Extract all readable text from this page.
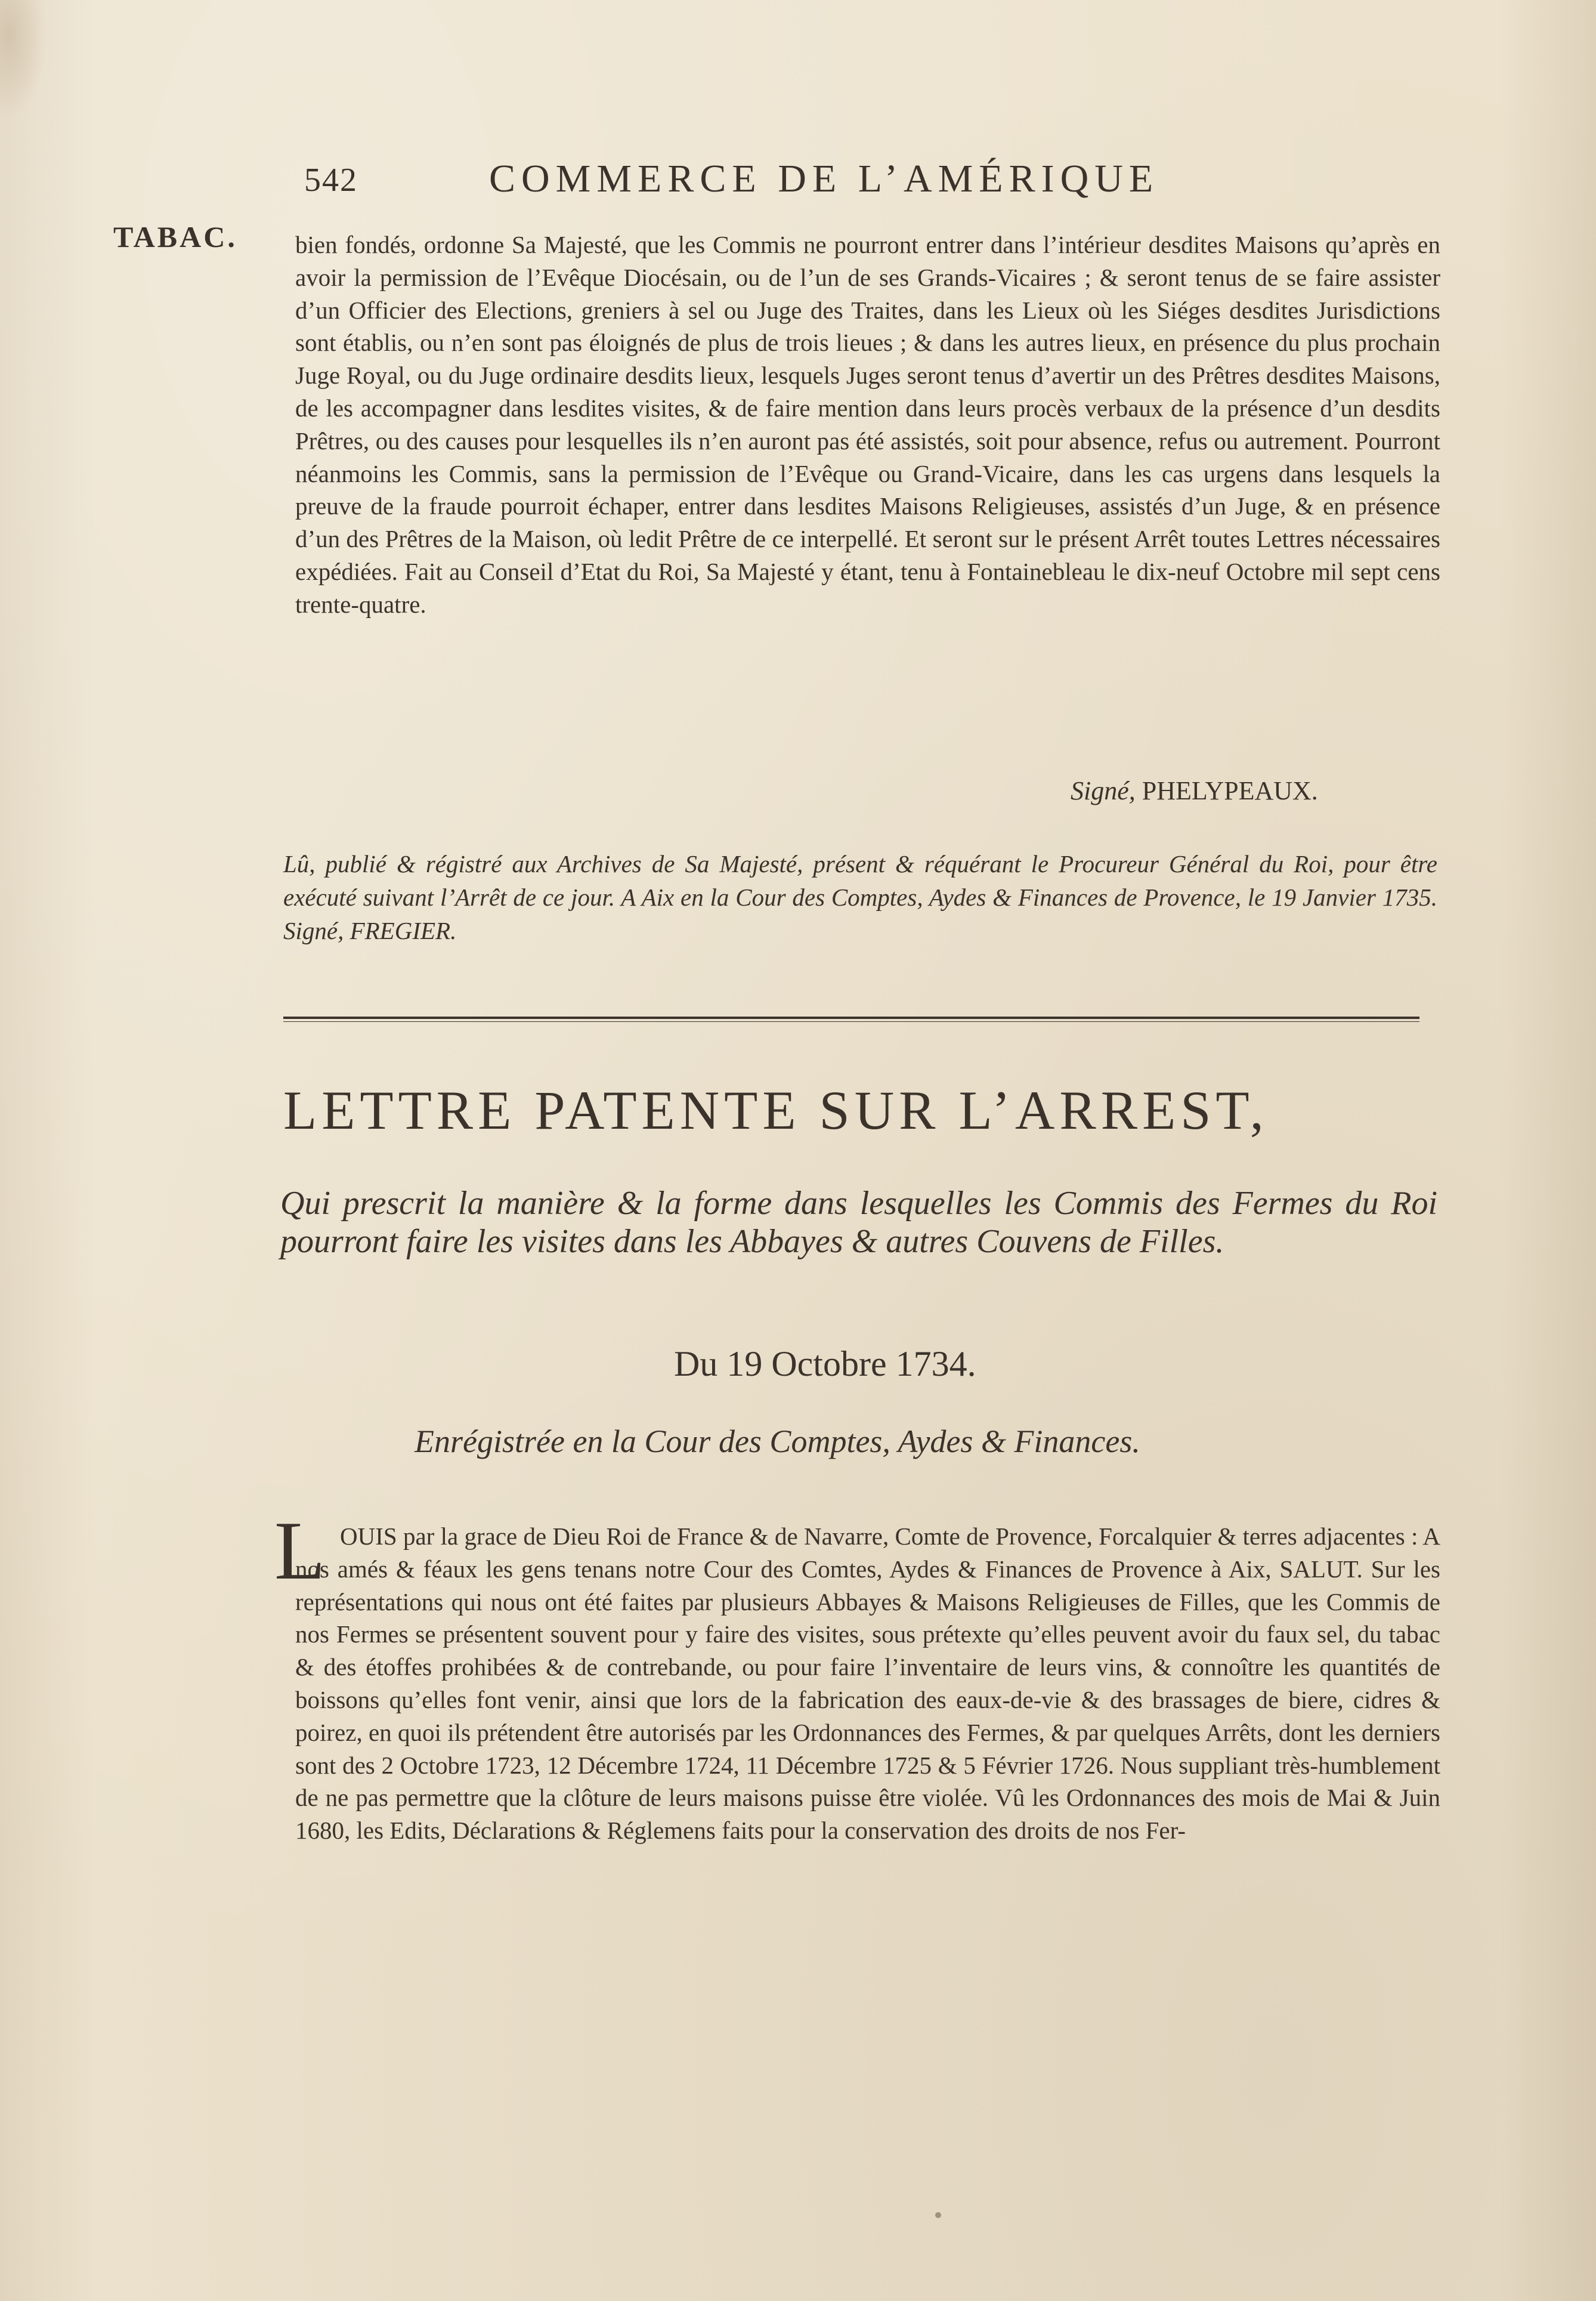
542	COMMERCE DE L’AMÉRIQUE
TABAC. bien fondés, ordonne Sa Majesté, que les Commis ne pourront entrer dans l’intérieur desdites Maisons qu’après en avoir la permission de l’Evêque Diocésain, ou de l’un de ses Grands-Vicaires ; & seront tenus de se faire assister d’un Officier des Elections, greniers à sel ou Juge des Traites, dans les Lieux où les Siéges desdites Jurisdictions sont établis, ou n’en sont pas éloignés de plus de trois lieues ; & dans les autres lieux, en présence du plus prochain Juge Royal, ou du Juge ordinaire desdits lieux, lesquels Juges seront tenus d’avertir un des Prêtres desdites Maisons, de les accompagner dans lesdites visites, & de faire mention dans leurs procès verbaux de la présence d’un desdits Prêtres, ou des causes pour lesquelles ils n’en auront pas été assistés, soit pour absence, refus ou autrement. Pourront néanmoins les Commis, sans la permission de l’Evêque ou Grand-Vicaire, dans les cas urgens dans lesquels la preuve de la fraude pourroit échaper, entrer dans lesdites Maisons Religieuses, assistés d’un Juge, & en présence d’un des Prêtres de la Maison, où ledit Prêtre de ce interpellé. Et seront sur le présent Arrêt toutes Lettres nécessaires expédiées. Fait au Conseil d’Etat du Roi, Sa Majesté y étant, tenu à Fontainebleau le dix-neuf Octobre mil sept cens trente-quatre.

Signé, PHELYPEAUX.

Lû, publié & régistré aux Archives de Sa Majesté, présent & réquérant le Procureur Général du Roi, pour être exécuté suivant l’Arrêt de ce jour. A Aix en la Cour des Comptes, Aydes & Finances de Provence, le 19 Janvier 1735. Signé, FREGIER.

LETTRE PATENTE SUR L’ARREST,

Qui prescrit la manière & la forme dans lesquelles les Commis des Fermes du Roi pourront faire les visites dans les Abbayes & autres Couvens de Filles.

Du 19 Octobre 1734.

Enrégistrée en la Cour des Comptes, Aydes & Finances.

L OUIS par la grace de Dieu Roi de France & de Navarre, Comte de Provence, Forcalquier & terres adjacentes : A nos amés & féaux les gens tenans notre Cour des Comtes, Aydes & Finances de Provence à Aix, SALUT. Sur les représentations qui nous ont été faites par plusieurs Abbayes & Maisons Religieuses de Filles, que les Commis de nos Fermes se présentent souvent pour y faire des visites, sous prétexte qu’elles peuvent avoir du faux sel, du tabac & des étoffes prohibées & de contrebande, ou pour faire l’inventaire de leurs vins, & connoître les quantités de boissons qu’elles font venir, ainsi que lors de la fabrication des eaux-de-vie & des brassages de biere, cidres & poirez, en quoi ils prétendent être autorisés par les Ordonnances des Fermes, & par quelques Arrêts, dont les derniers sont des 2 Octobre 1723, 12 Décembre 1724, 11 Décembre 1725 & 5 Février 1726. Nous suppliant très-humblement de ne pas permettre que la clôture de leurs maisons puisse être violée. Vû les Ordonnances des mois de Mai & Juin 1680, les Edits, Déclarations & Réglemens faits pour la conservation des droits de nos Fer-
